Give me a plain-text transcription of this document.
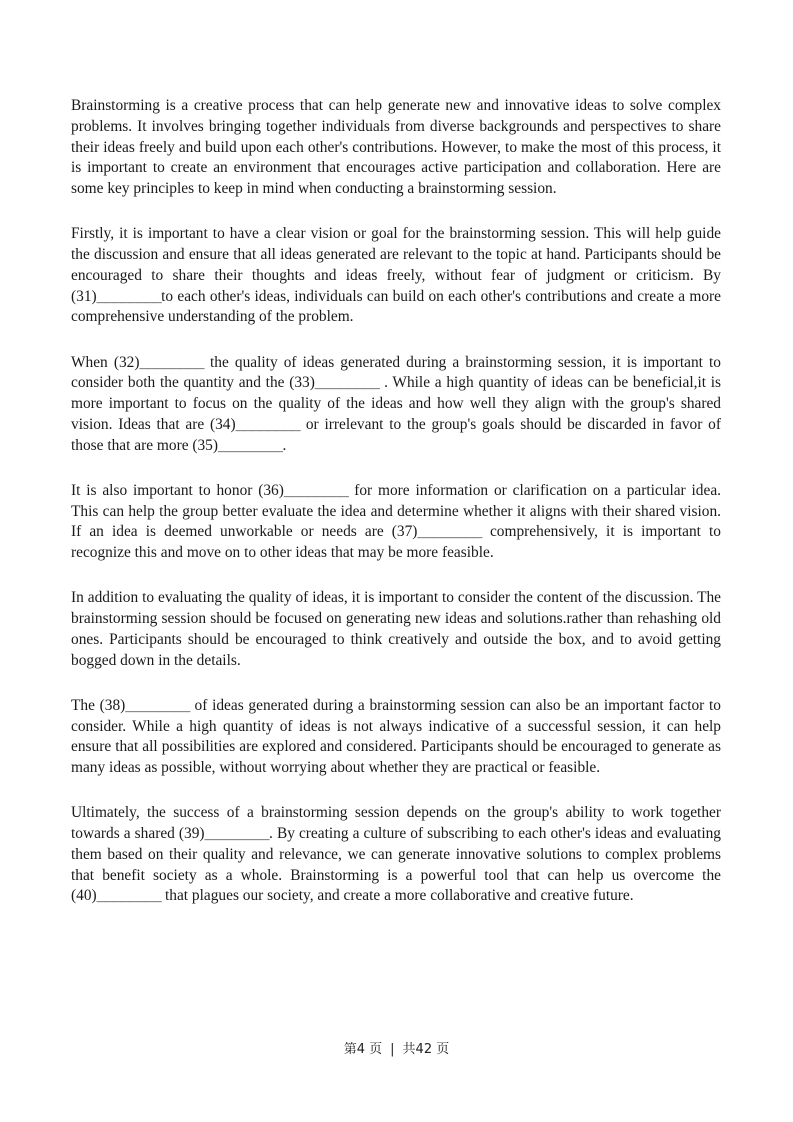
Brainstorming is a creative process that can help generate new and innovative ideas to solve complex problems. It involves bringing together individuals from diverse backgrounds and perspectives to share their ideas freely and build upon each other's contributions. However, to make the most of this process, it is important to create an environment that encourages active participation and collaboration. Here are some key principles to keep in mind when conducting a brainstorming session.

Firstly, it is important to have a clear vision or goal for the brainstorming session. This will help guide the discussion and ensure that all ideas generated are relevant to the topic at hand. Participants should be encouraged to share their thoughts and ideas freely, without fear of judgment or criticism. By (31)________to each other's ideas, individuals can build on each other's contributions and create a more comprehensive understanding of the problem.

When (32)________ the quality of ideas generated during a brainstorming session, it is important to consider both the quantity and the (33)________ . While a high quantity of ideas can be beneficial,it is more important to focus on the quality of the ideas and how well they align with the group's shared vision. Ideas that are (34)________ or irrelevant to the group's goals should be discarded in favor of those that are more (35)________.

It is also important to honor (36)________ for more information or clarification on a particular idea. This can help the group better evaluate the idea and determine whether it aligns with their shared vision. If an idea is deemed unworkable or needs are (37)________ comprehensively, it is important to recognize this and move on to other ideas that may be more feasible.

In addition to evaluating the quality of ideas, it is important to consider the content of the discussion. The brainstorming session should be focused on generating new ideas and solutions.rather than rehashing old ones. Participants should be encouraged to think creatively and outside the box, and to avoid getting bogged down in the details.

The (38)________ of ideas generated during a brainstorming session can also be an important factor to consider. While a high quantity of ideas is not always indicative of a successful session, it can help ensure that all possibilities are explored and considered. Participants should be encouraged to generate as many ideas as possible, without worrying about whether they are practical or feasible.

Ultimately, the success of a brainstorming session depends on the group's ability to work together towards a shared (39)________. By creating a culture of subscribing to each other's ideas and evaluating them based on their quality and relevance, we can generate innovative solutions to complex problems that benefit society as a whole. Brainstorming is a powerful tool that can help us overcome the (40)________ that plagues our society, and create a more collaborative and creative future.

第4 页 | 共42 页
